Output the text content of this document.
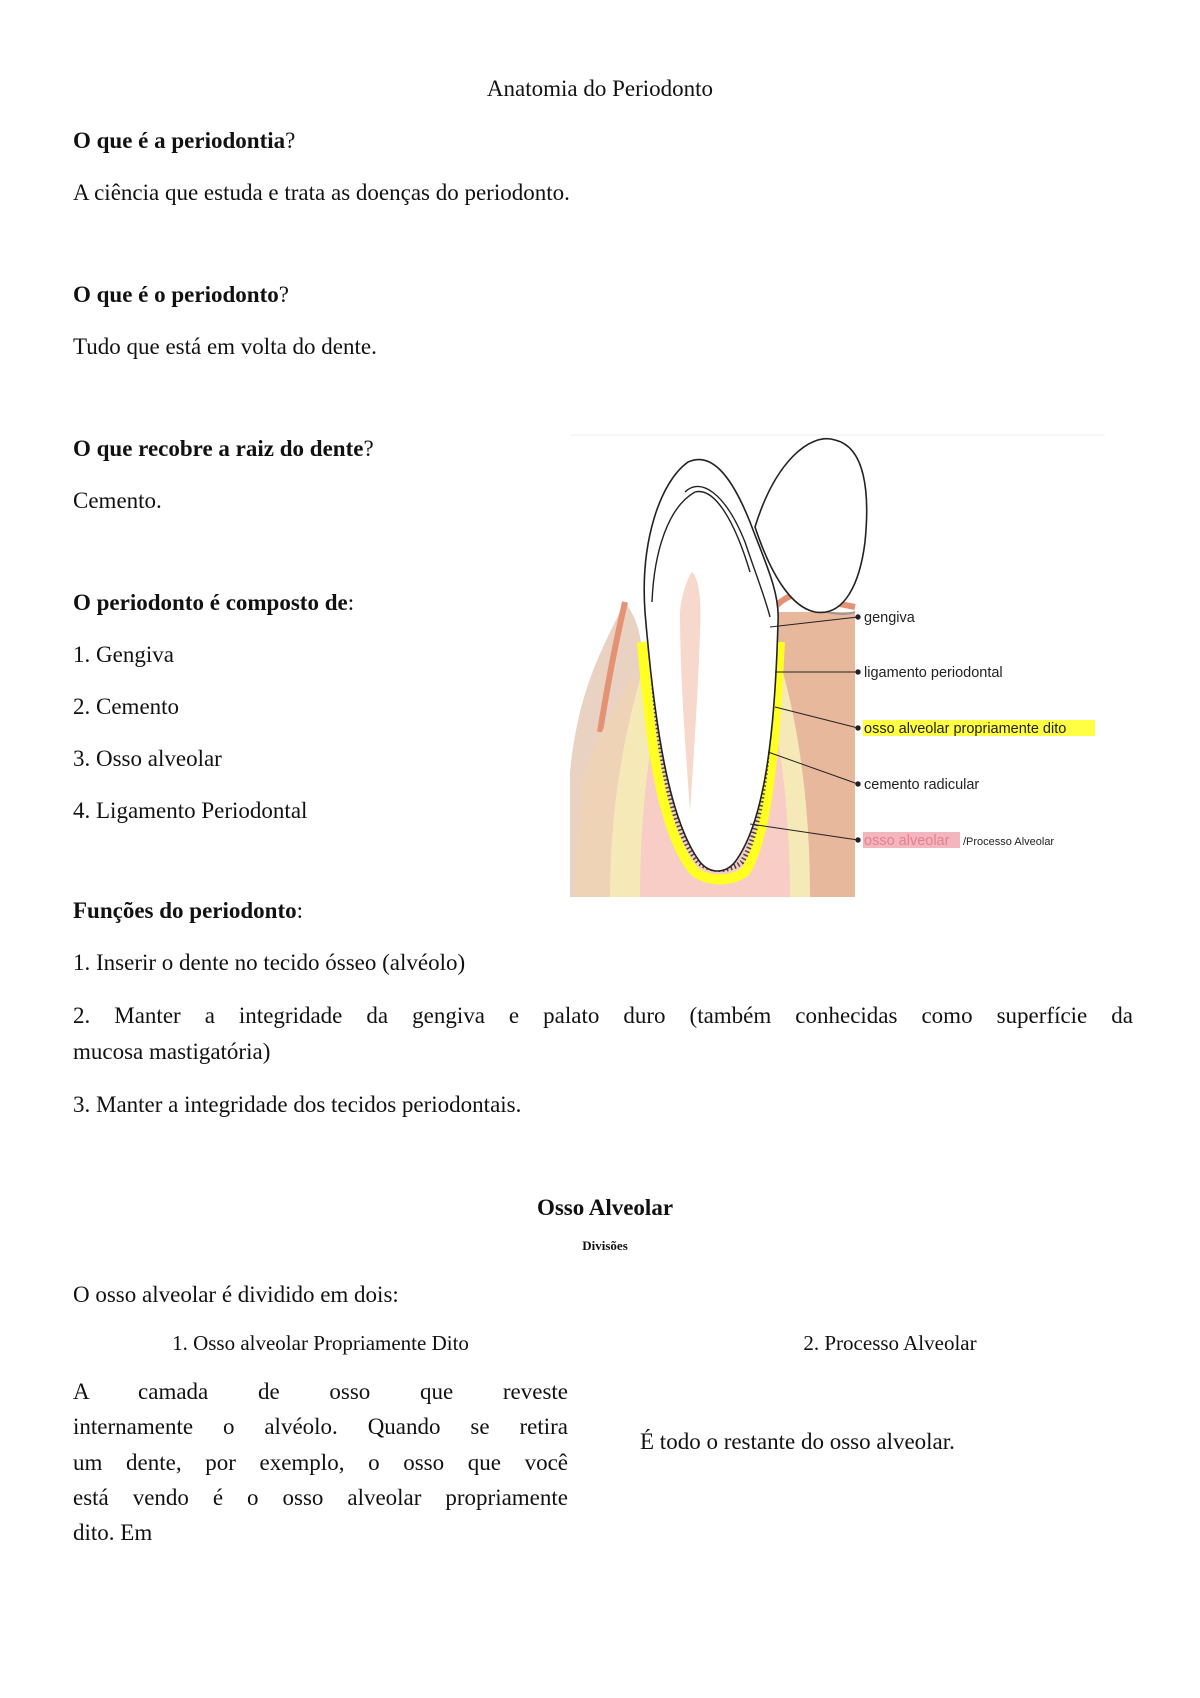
Anatomia do Periodonto
O que é a periodontia?
A ciência que estuda e trata as doenças do periodonto.
O que é o periodonto?
Tudo que está em volta do dente.
O que recobre a raiz do dente?
Cemento.
O periodonto é composto de:
1. Gengiva
2. Cemento
3. Osso alveolar
4. Ligamento Periodontal
gengiva
ligamento periodontal
osso alveolar propriamente dito
cemento radicular
osso alveolar /Processo Alveolar
Funções do periodonto:
1. Inserir o dente no tecido ósseo (alvéolo)
2. Manter a integridade da gengiva e palato duro (também conhecidas como superfície da
mucosa mastigatória)
3. Manter a integridade dos tecidos periodontais.
Osso Alveolar
Divisões
O osso alveolar é dividido em dois:
1. Osso alveolar Propriamente Dito	2. Processo Alveolar
A camada de osso que reveste
internamente o alvéolo. Quando se retira
um dente, por exemplo, o osso que você
está vendo é o osso alveolar propriamente
dito. Em
É todo o restante do osso alveolar.
